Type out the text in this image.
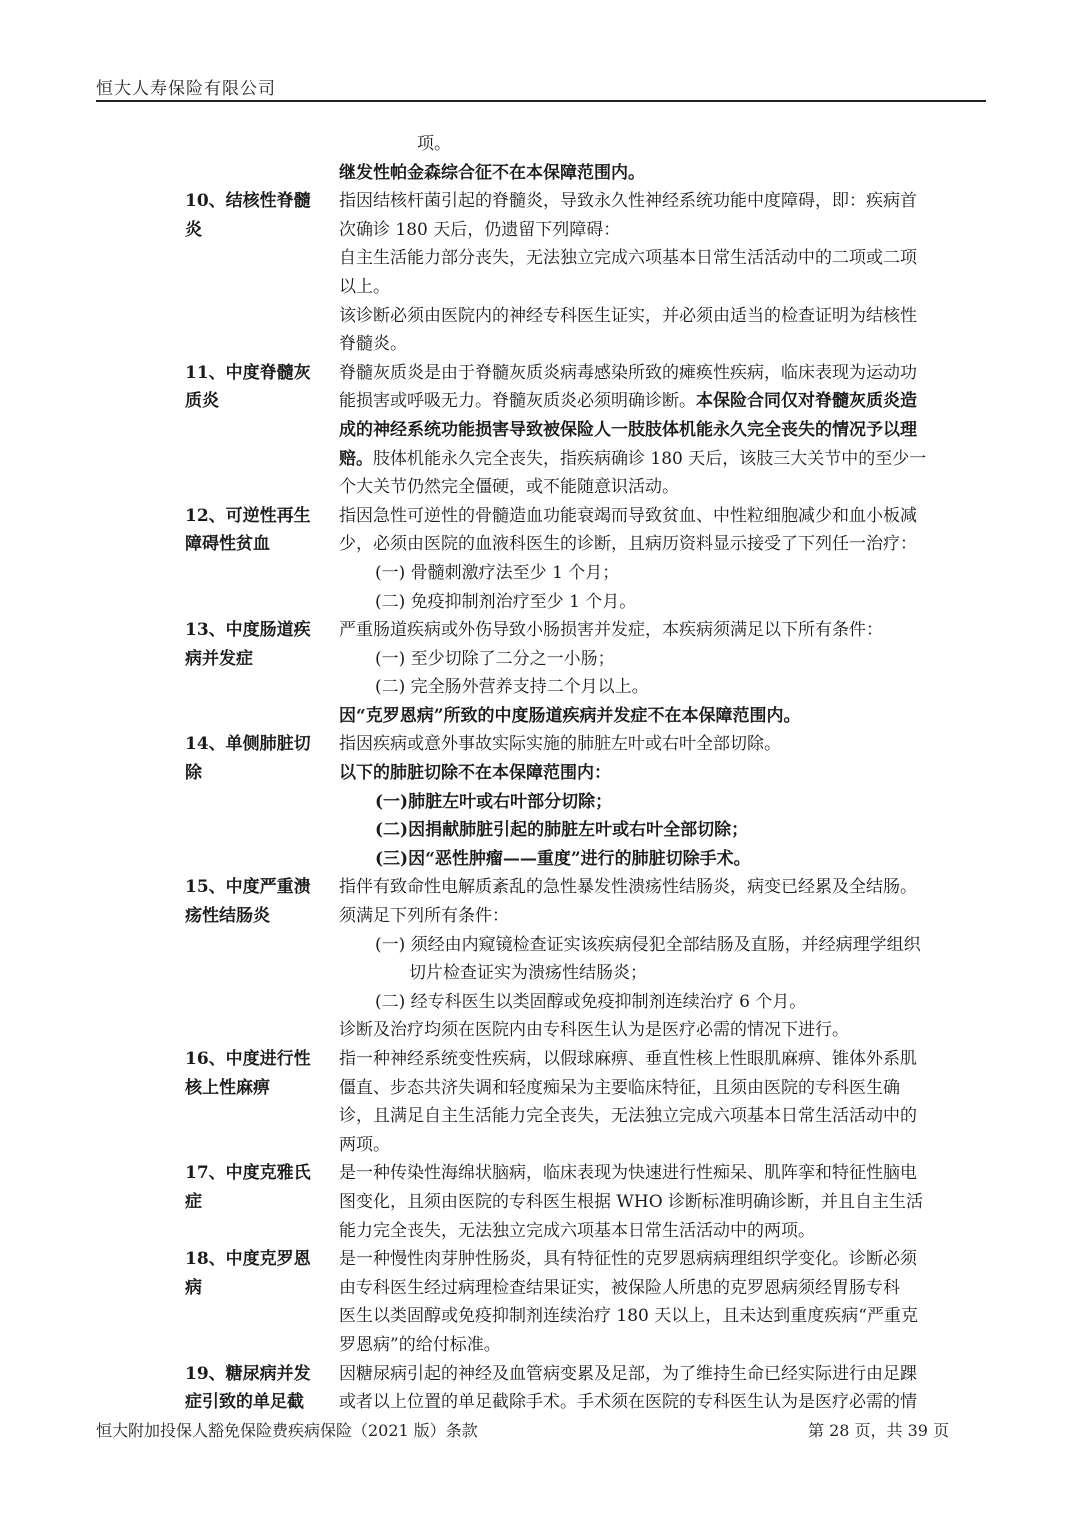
恒大人寿保险有限公司

项。

继发性帕金森综合征不在本保障范围内。

10、结核性脊髓
炎

指因结核杆菌引起的脊髓炎，导致永久性神经系统功能中度障碍，即：疾病首

次确诊 180 天后，仍遗留下列障碍：

自主生活能力部分丧失，无法独立完成六项基本日常生活活动中的二项或二项

以上。

该诊断必须由医院内的神经专科医生证实，并必须由适当的检查证明为结核性

脊髓炎。

11、中度脊髓灰
质炎

脊髓灰质炎是由于脊髓灰质炎病毒感染所致的瘫痪性疾病，临床表现为运动功

能损害或呼吸无力。脊髓灰质炎必须明确诊断。本保险合同仅对脊髓灰质炎造

成的神经系统功能损害导致被保险人一肢肢体机能永久完全丧失的情况予以理

赔。肢体机能永久完全丧失，指疾病确诊 180 天后，该肢三大关节中的至少一

个大关节仍然完全僵硬，或不能随意识活动。

12、可逆性再生
障碍性贫血

指因急性可逆性的骨髓造血功能衰竭而导致贫血、中性粒细胞减少和血小板减

少，必须由医院的血液科医生的诊断，且病历资料显示接受了下列任一治疗：

(一) 骨髓刺激疗法至少 1 个月；

(二) 免疫抑制剂治疗至少 1 个月。

13、中度肠道疾
病并发症

严重肠道疾病或外伤导致小肠损害并发症，本疾病须满足以下所有条件：

(一) 至少切除了二分之一小肠；

(二) 完全肠外营养支持二个月以上。

因“克罗恩病”所致的中度肠道疾病并发症不在本保障范围内。

14、单侧肺脏切
除

指因疾病或意外事故实际实施的肺脏左叶或右叶全部切除。

以下的肺脏切除不在本保障范围内：

(一)肺脏左叶或右叶部分切除；

(二)因捐献肺脏引起的肺脏左叶或右叶全部切除；

(三)因“恶性肿瘤——重度”进行的肺脏切除手术。

15、中度严重溃
疡性结肠炎

指伴有致命性电解质紊乱的急性暴发性溃疡性结肠炎，病变已经累及全结肠。

须满足下列所有条件：

(一) 须经由内窥镜检查证实该疾病侵犯全部结肠及直肠，并经病理学组织

切片检查证实为溃疡性结肠炎；

(二) 经专科医生以类固醇或免疫抑制剂连续治疗 6 个月。

诊断及治疗均须在医院内由专科医生认为是医疗必需的情况下进行。

16、中度进行性
核上性麻痹

指一种神经系统变性疾病，以假球麻痹、垂直性核上性眼肌麻痹、锥体外系肌

僵直、步态共济失调和轻度痴呆为主要临床特征，且须由医院的专科医生确

诊，且满足自主生活能力完全丧失，无法独立完成六项基本日常生活活动中的

两项。

17、中度克雅氏
症

是一种传染性海绵状脑病，临床表现为快速进行性痴呆、肌阵挛和特征性脑电

图变化，且须由医院的专科医生根据 WHO 诊断标准明确诊断，并且自主生活

能力完全丧失，无法独立完成六项基本日常生活活动中的两项。

18、中度克罗恩
病

是一种慢性肉芽肿性肠炎，具有特征性的克罗恩病病理组织学变化。诊断必须

由专科医生经过病理检查结果证实，被保险人所患的克罗恩病须经胃肠专科

医生以类固醇或免疫抑制剂连续治疗 180 天以上，且未达到重度疾病“严重克

罗恩病”的给付标准。

19、糖尿病并发
症引致的单足截

因糖尿病引起的神经及血管病变累及足部，为了维持生命已经实际进行由足踝

或者以上位置的单足截除手术。手术须在医院的专科医生认为是医疗必需的情

恒大附加投保人豁免保险费疾病保险（2021 版）条款	第 28 页，共 39 页
